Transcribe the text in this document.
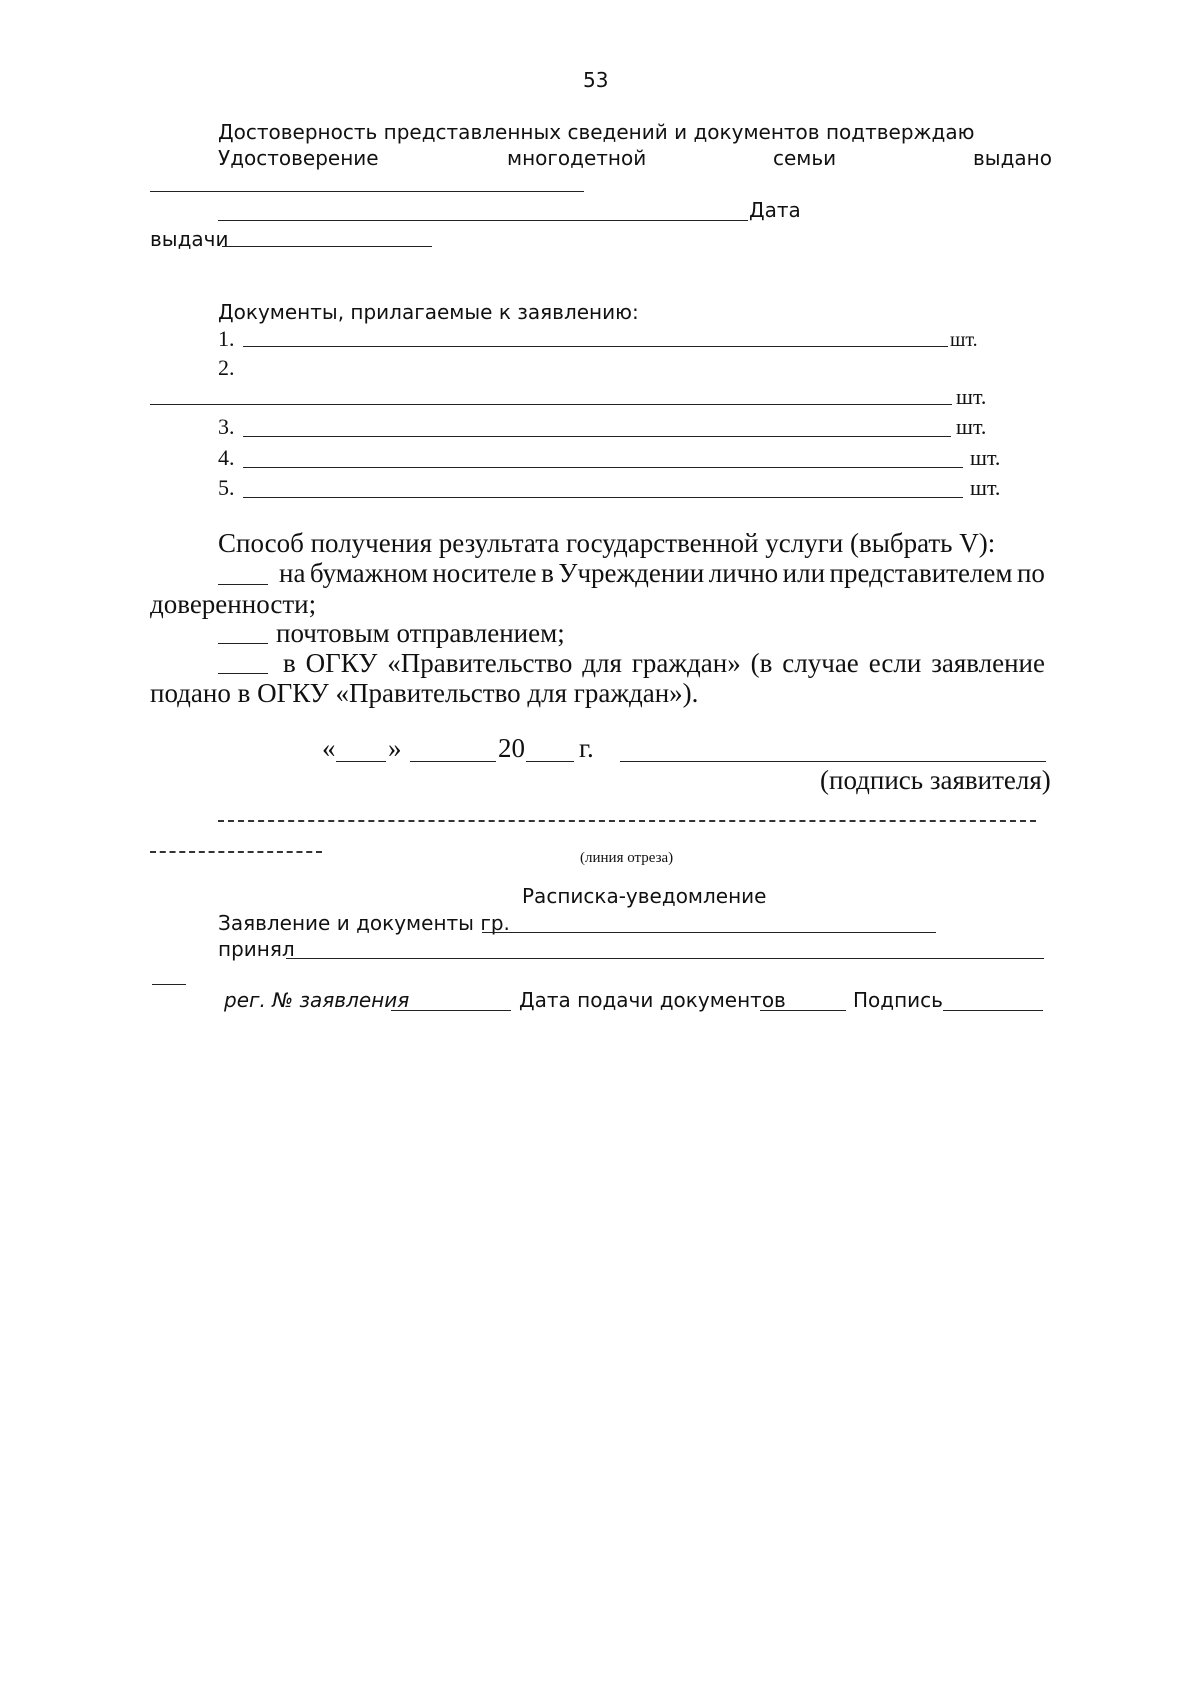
53
Достоверность представленных сведений и документов подтверждаю
Удостоверение	многодетной	семьи	выдано
Дата
выдачи
Документы, прилагаемые к заявлению:
1.	шт.
2.
шт.
3.	шт.
4.	шт.
5.	шт.
Способ получения результата государственной услуги (выбрать V):
на бумажном носителе в Учреждении лично или представителем по
доверенности;
почтовым отправлением;
в ОГКУ «Правительство для граждан» (в случае если заявление
подано в ОГКУ «Правительство для граждан»).
« »	20 г.
(подпись заявителя)
(линия отреза)
Расписка-уведомление
Заявление и документы гр.
принял
рег. № заявления	Дата подачи документов	Подпись
